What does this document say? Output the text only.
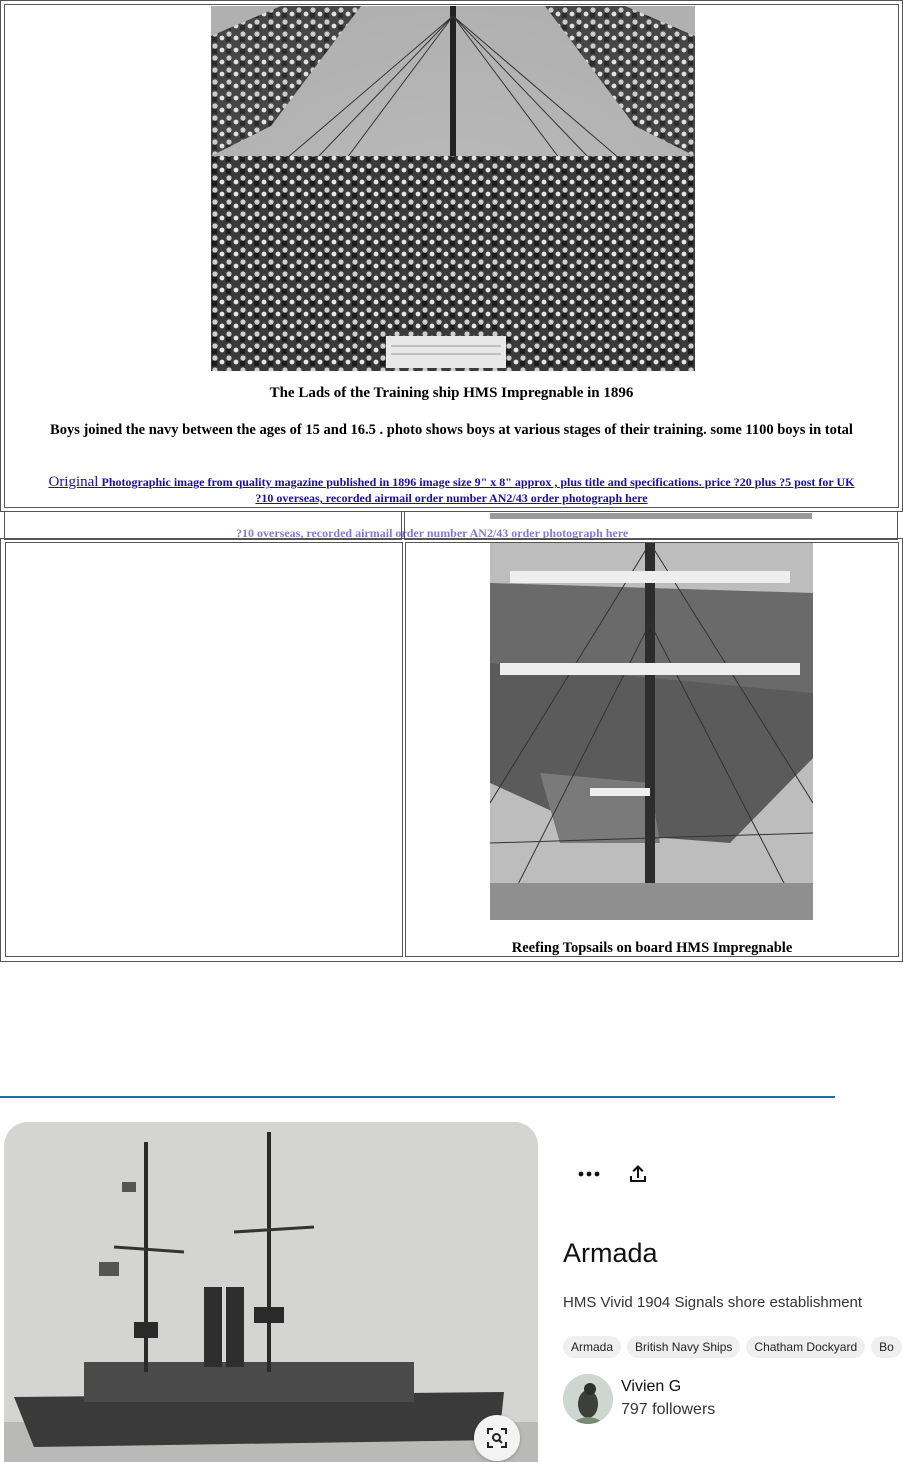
The Lads of the Training ship HMS Impregnable in 1896
Boys joined the navy between the ages of 15 and 16.5 . photo shows boys at various stages of their training. some 1100 boys in total
Original Photographic image from quality magazine published in 1896 image size 9" x 8" approx , plus title and specifications. price ?20 plus ?5 post for UK
?10 overseas, recorded airmail order number AN2/43 order photograph here
?10 overseas, recorded airmail order number AN2/43 order photograph here
Reefing Topsails on board HMS Impregnable
Armada
HMS Vivid 1904 Signals shore establishment
Armada	British Navy Ships	Chatham Dockyard	Bo
Vivien G
797 followers
